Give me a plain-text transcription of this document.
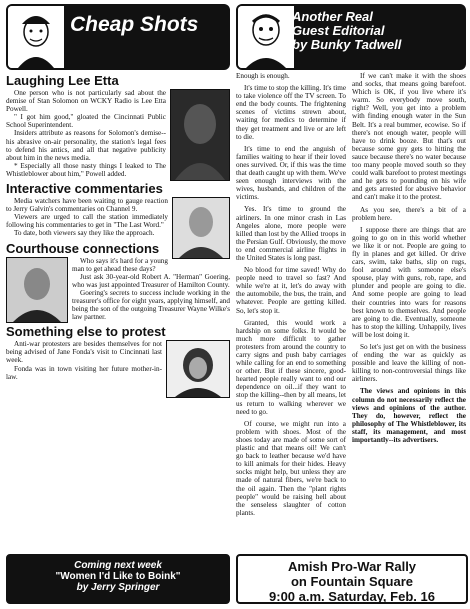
Cheap Shots
Laughing Lee Etta

One person who is not particularly sad about the demise of Stan Solomon on WCKY Radio is Lee Etta Powell.

" I got him good," gloated the Cincinnati Public School Superintendent.

Insiders attribute as reasons for Solomon's demise--his abrasive on-air personality, the station's legal fees to defend his antics, and all that negative publicity about him in the news media.

* Especially all those nasty things I leaked to The Whistleblower about him," Powell added.

Interactive commentaries

Media watchers have been waiting to gauge reaction to Jerry Galvin's commentaries on Channel 9.

Viewers are urged to call the station immediately following his commentaries to get in "The Last Word."

To date, both viewers say they like the approach.

Courthouse connections

Who says it's hard for a young man to get ahead these days?

Just ask 30-year-old Robert A. "Herman" Goering, who was just appointed Treasurer of Hamilton County.

Goering's secrets to success include working in the treasurer's office for eight years, applying himself, and being the son of the outgoing Treasurer Wayne Wilke's law partner.

Something else to protest

Anti-war protesters are besides themselves for not being advised of Jane Fonda's visit to Cincinnati last week.

Fonda was in town visiting her future mother-in-law.

Another Real
Guest Editorial
by Bunky Tadwell

Enough is enough.

It's time to stop the killing. It's time to take violence off the TV screen. To end the body counts. The frightening scenes of victims strewn about, waiting for medics to determine if they get treatment and live or are left to die.

It's time to end the anguish of families waiting to hear if their loved ones survived. Or, if this was the time that death caught up with them. We've seen enough interviews with the wives, husbands, and children of the victims.

Yes. It's time to ground the airliners. In one minor crash in Las Angeles alone, more people were killed than lost by the Allied troops in the Persian Gulf. Obviously, the move to end commercial airline flights in the United States is long past.

No blood for time saved! Why do people need to travel so fast? And while we're at it, let's do away with the automobile, the bus, the train, and whatever. People are getting killed. So, let's stop it.

Granted, this would work a hardship on some folks. It would be much more difficult to gather protesters from around the country to carry signs and push baby carriages while calling for an end to something or other. But if these sincere, good-hearted people really want to end our dependence on oil...if they want to stop the killing--then by all means, let us return to walking wherever we need to go.

Of course, we might run into a problem with shoes. Most of the shoes today are made of some sort of plastic and that means oil! We can't go back to leather because we'd have to kill animals for their hides. Heavy socks might help, but unless they are made of natural fibers, we're back to the oil again. Then the "plant rights people" would be raising hell about the senseless slaughter of cotton plants.

If we can't make it with the shoes and socks, that means going barefoot. Which is OK, if you live where it's warm. So everybody move south, right? Well, you get into a problem with finding enough water in the Sun Belt. It's a real bummer, ecowise. So if there's not enough water, people will have to drink booze. But that's out because some guy gets to hitting the sauce because there's no water because too many people moved south so they could walk barefoot to protest meetings and he gets to pounding on his wife and gets arrested for abusive behavior and can't make it to the protest.

As you see, there's a bit of a problem here.

I suppose there are things that are going to go on in this world whether we like it or not. People are going to fly in planes and get killed. Or drive cars, swim, take baths, slip on rugs, fool around with someone else's spouse, play with guns, rob, rape, and plunder and people are going to die. And some people are going to lead their countries into wars for reasons best known to themselves. And people are going to die. Eventually, someone has to stop the killing. Unhappily, lives will be lost doing it.

So let's just get on with the business of ending the war as quickly as possible and leave the killing of non-killing to non-controversial things like airliners.

The views and opinions in this column do not necessarily reflect the views and opinions of the author. They do, however, reflect the philosophy of The Whistleblower, its staff, its management, and most importantly--its advertisers.

Coming next week
"Women I'd Like to Boink"
by Jerry Springer
Amish Pro-War Rally
on Fountain Square
9:00 a.m. Saturday, Feb. 16
